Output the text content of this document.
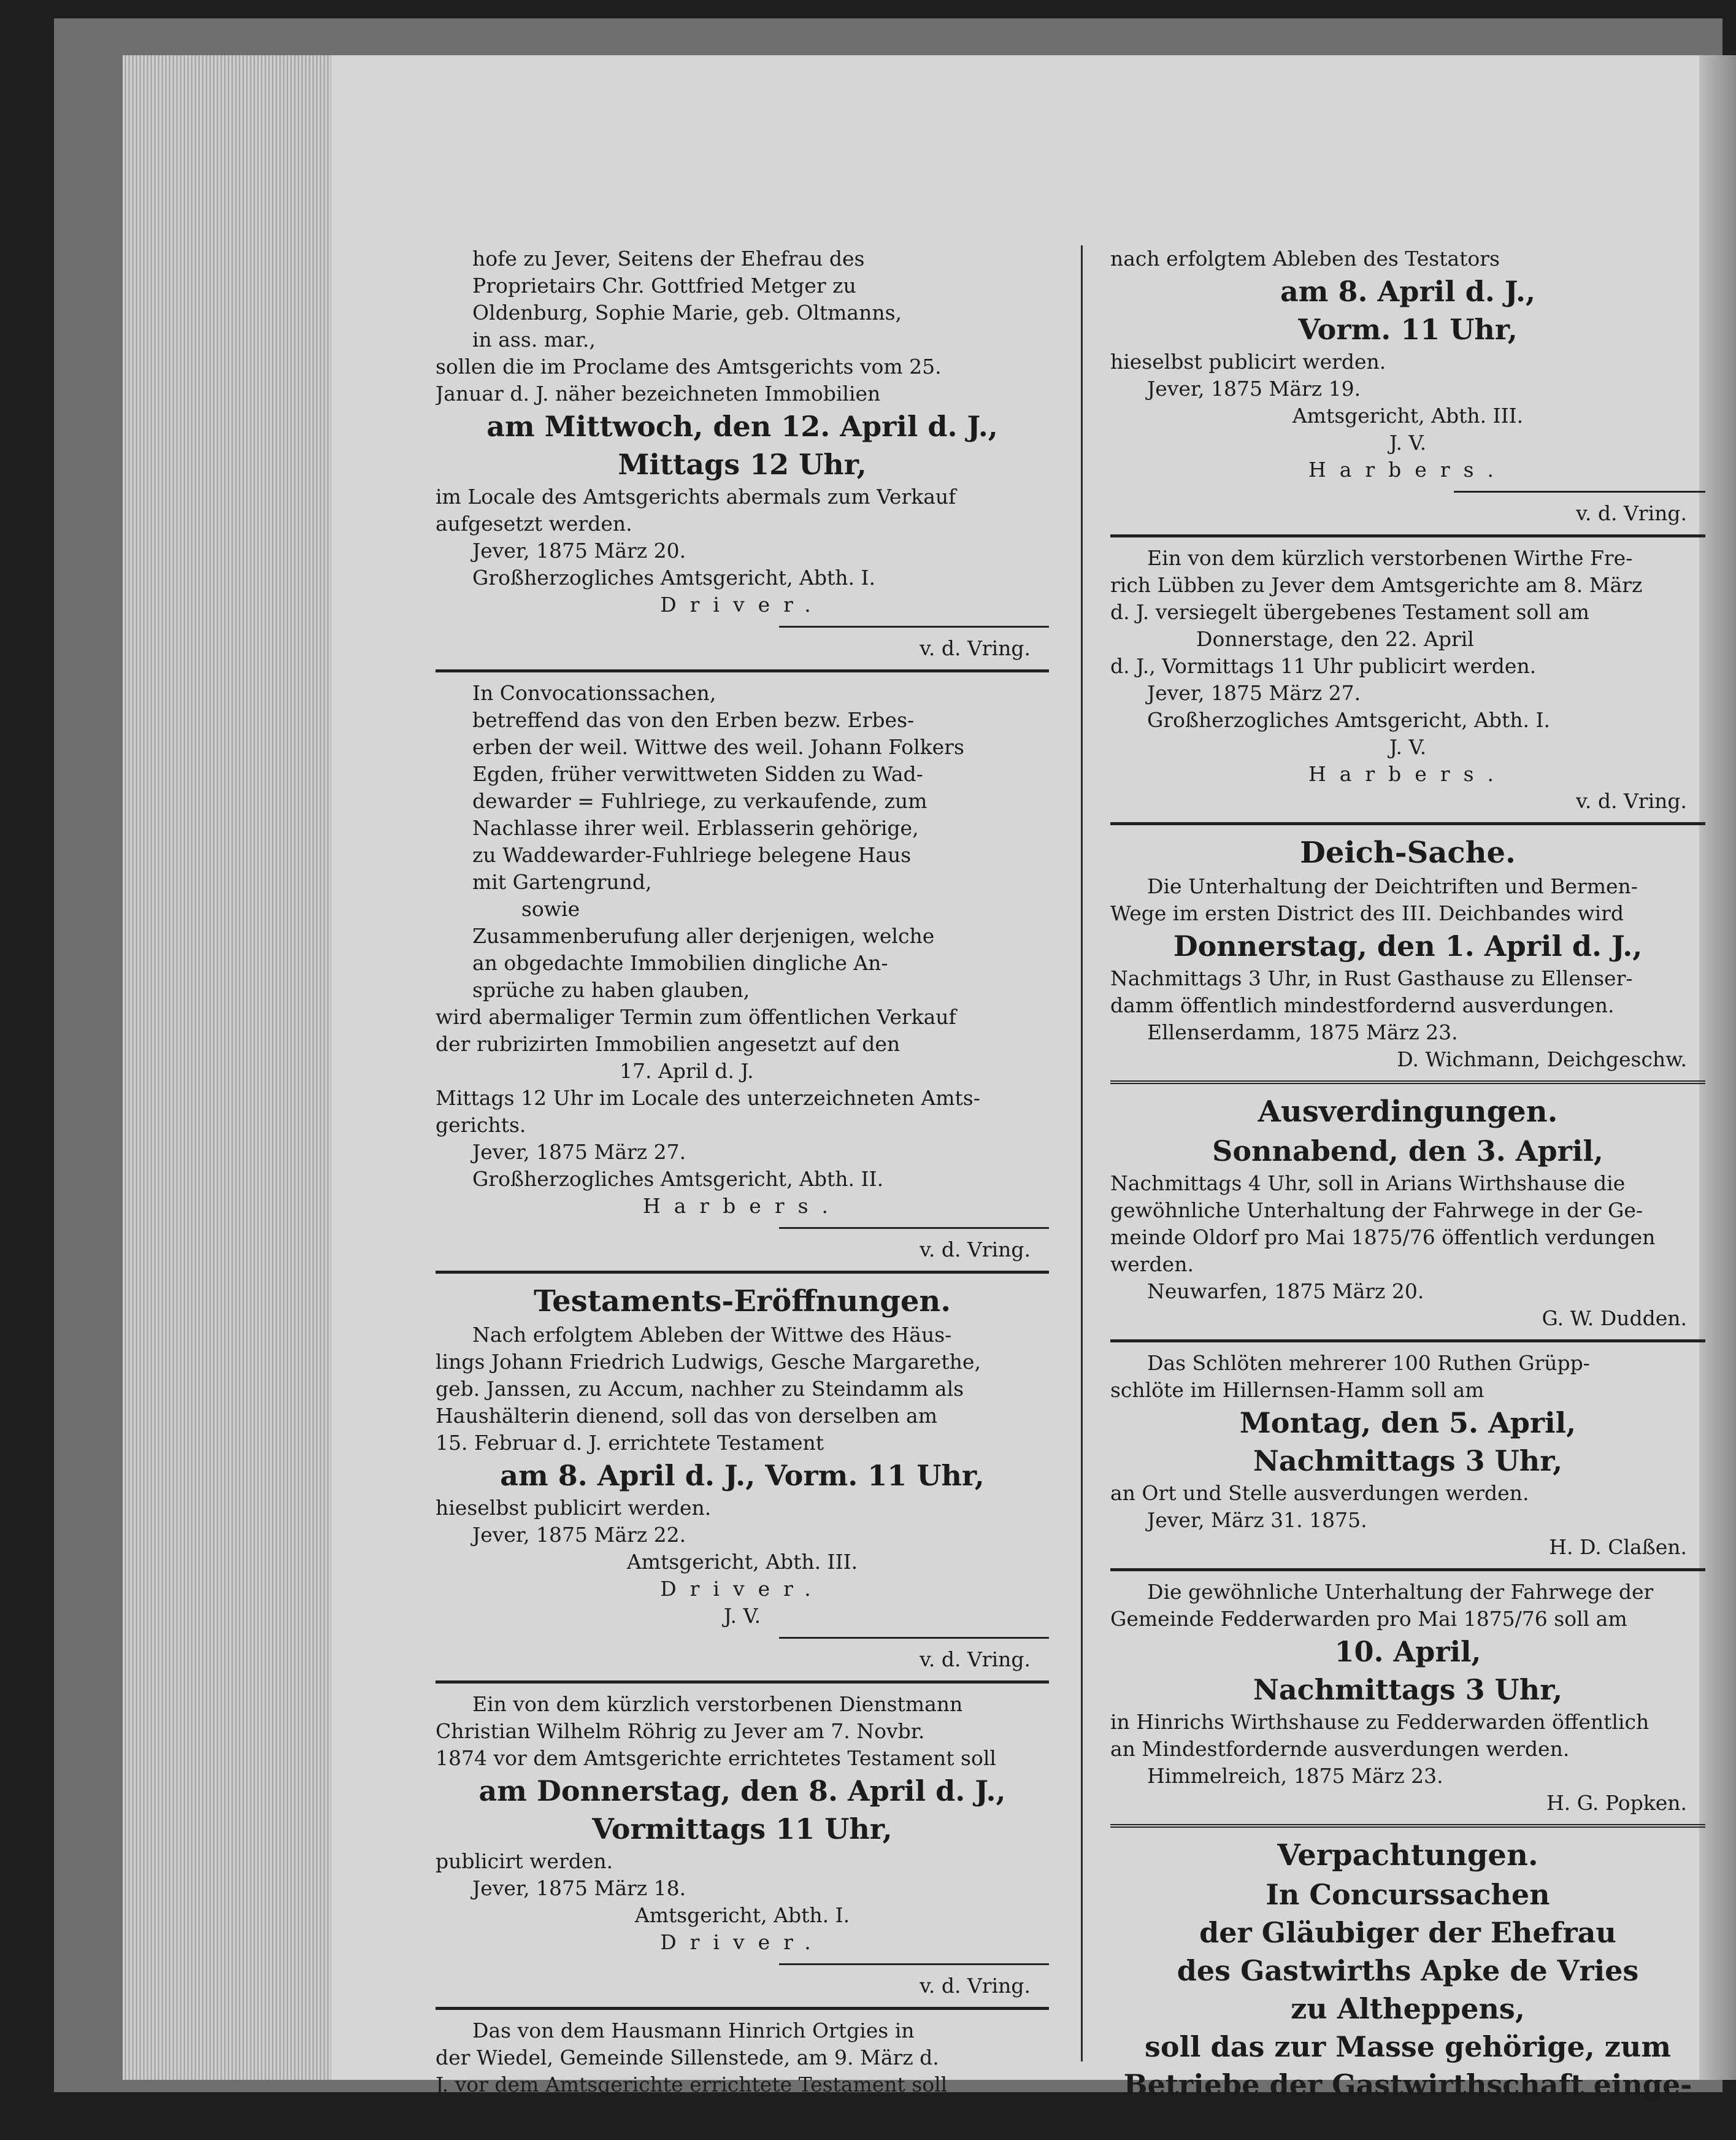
hofe zu Jever, Seitens der Ehefrau des
Proprietairs Chr. Gottfried Metger zu
Oldenburg, Sophie Marie, geb. Oltmanns,
in ass. mar.,
sollen die im Proclame des Amtsgerichts vom 25.
Januar d. J. näher bezeichneten Immobilien
am Mittwoch, den 12. April d. J.,
Mittags 12 Uhr,
im Locale des Amtsgerichts abermals zum Verkauf
aufgesetzt werden.
Jever, 1875 März 20.
Großherzogliches Amtsgericht, Abth. I.
Driver.
v. d. Vring.
In Convocationssachen,
betreffend das von den Erben bezw. Erbes-
erben der weil. Wittwe des weil. Johann Folkers
Egden, früher verwittweten Sidden zu Wad-
dewarder = Fuhlriege, zu verkaufende, zum
Nachlasse ihrer weil. Erblasserin gehörige,
zu Waddewarder-Fuhlriege belegene Haus
mit Gartengrund,
sowie
Zusammenberufung aller derjenigen, welche
an obgedachte Immobilien dingliche An-
sprüche zu haben glauben,
wird abermaliger Termin zum öffentlichen Verkauf
der rubrizirten Immobilien angesetzt auf den
17. April d. J.
Mittags 12 Uhr im Locale des unterzeichneten Amts-
gerichts.
Jever, 1875 März 27.
Großherzogliches Amtsgericht, Abth. II.
Harbers.
v. d. Vring.
Testaments-Eröffnungen.
Nach erfolgtem Ableben der Wittwe des Häus-
lings Johann Friedrich Ludwigs, Gesche Margarethe,
geb. Janssen, zu Accum, nachher zu Steindamm als
Haushälterin dienend, soll das von derselben am
15. Februar d. J. errichtete Testament
am 8. April d. J., Vorm. 11 Uhr,
hieselbst publicirt werden.
Jever, 1875 März 22.
Amtsgericht, Abth. III.
Driver.
J. V.
v. d. Vring.
Ein von dem kürzlich verstorbenen Dienstmann
Christian Wilhelm Röhrig zu Jever am 7. Novbr.
1874 vor dem Amtsgerichte errichtetes Testament soll
am Donnerstag, den 8. April d. J.,
Vormittags 11 Uhr,
publicirt werden.
Jever, 1875 März 18.
Amtsgericht, Abth. I.
Driver.
v. d. Vring.
Das von dem Hausmann Hinrich Ortgies in
der Wiedel, Gemeinde Sillenstede, am 9. März d.
J. vor dem Amtsgerichte errichtete Testament soll
nach erfolgtem Ableben des Testators
am 8. April d. J.,
Vorm. 11 Uhr,
hieselbst publicirt werden.
Jever, 1875 März 19.
Amtsgericht, Abth. III.
J. V.
Harbers.
v. d. Vring.
Ein von dem kürzlich verstorbenen Wirthe Fre-
rich Lübben zu Jever dem Amtsgerichte am 8. März
d. J. versiegelt übergebenes Testament soll am
Donnerstage, den 22. April
d. J., Vormittags 11 Uhr publicirt werden.
Jever, 1875 März 27.
Großherzogliches Amtsgericht, Abth. I.
J. V.
Harbers.
v. d. Vring.
Deich-Sache.
Die Unterhaltung der Deichtriften und Bermen-
Wege im ersten District des III. Deichbandes wird
Donnerstag, den 1. April d. J.,
Nachmittags 3 Uhr, in Rust Gasthause zu Ellenser-
damm öffentlich mindestfordernd ausverdungen.
Ellenserdamm, 1875 März 23.
D. Wichmann, Deichgeschw.
Ausverdingungen.
Sonnabend, den 3. April,
Nachmittags 4 Uhr, soll in Arians Wirthshause die
gewöhnliche Unterhaltung der Fahrwege in der Ge-
meinde Oldorf pro Mai 1875/76 öffentlich verdungen
werden.
Neuwarfen, 1875 März 20.
G. W. Dudden.
Das Schlöten mehrerer 100 Ruthen Grüpp-
schlöte im Hillernsen-Hamm soll am
Montag, den 5. April,
Nachmittags 3 Uhr,
an Ort und Stelle ausverdungen werden.
Jever, März 31. 1875.
H. D. Claßen.
Die gewöhnliche Unterhaltung der Fahrwege der
Gemeinde Fedderwarden pro Mai 1875/76 soll am
10. April,
Nachmittags 3 Uhr,
in Hinrichs Wirthshause zu Fedderwarden öffentlich
an Mindestfordernde ausverdungen werden.
Himmelreich, 1875 März 23.
H. G. Popken.
Verpachtungen.
In Concurssachen
der Gläubiger der Ehefrau
des Gastwirths Apke de Vries
zu Altheppens,
soll das zur Masse gehörige, zum
Betriebe der Gastwirthschaft einge-
